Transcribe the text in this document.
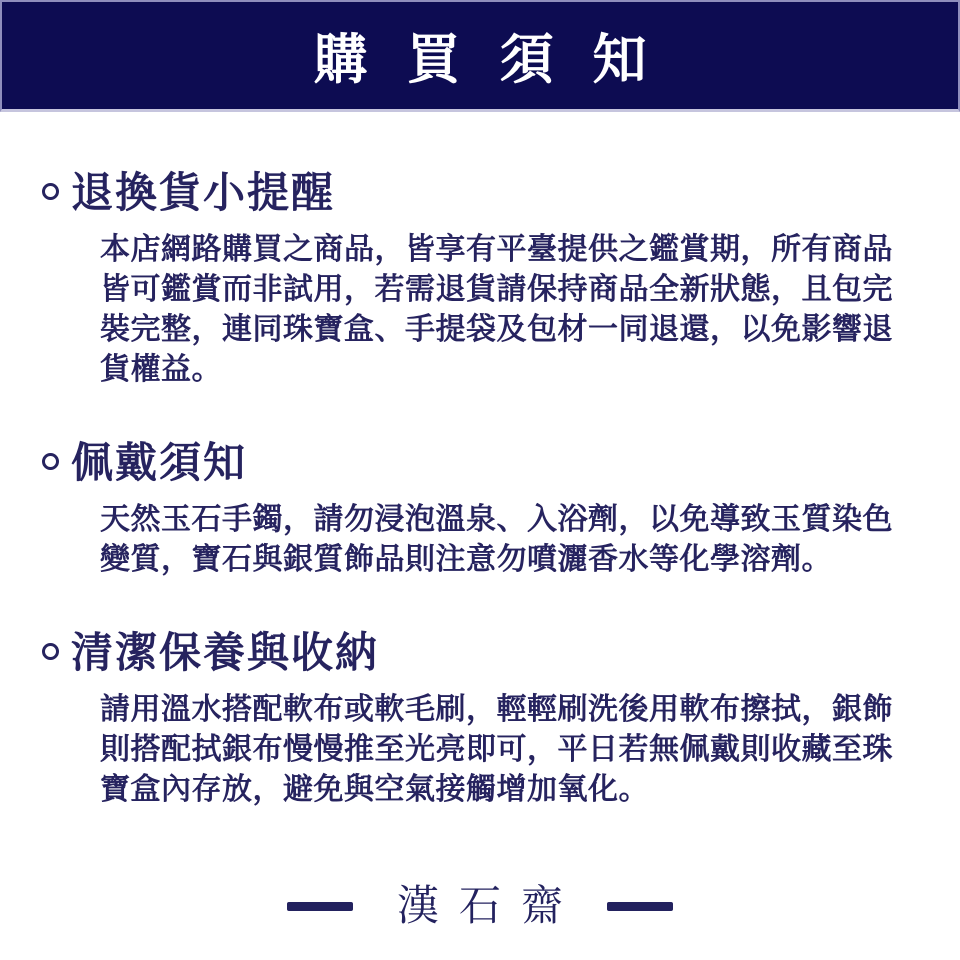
購 買 須 知
退換貨小提醒
本店網路購買之商品，皆享有平臺提供之鑑賞期，所有商品
皆可鑑賞而非試用，若需退貨請保持商品全新狀態，且包完
裝完整，連同珠寶盒、手提袋及包材一同退還，以免影響退
貨權益。
佩戴須知
天然玉石手鐲，請勿浸泡溫泉、入浴劑，以免導致玉質染色
變質，寶石與銀質飾品則注意勿噴灑香水等化學溶劑。
清潔保養與收納
請用溫水搭配軟布或軟毛刷，輕輕刷洗後用軟布擦拭，銀飾
則搭配拭銀布慢慢推至光亮即可，平日若無佩戴則收藏至珠
寶盒內存放，避免與空氣接觸增加氧化。
漢石齋
